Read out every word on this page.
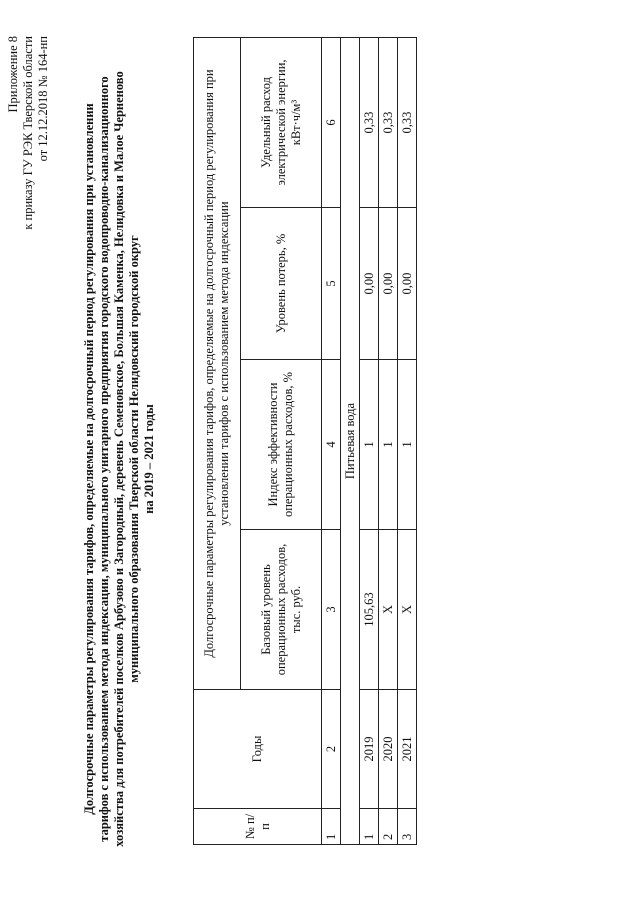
Приложение 8 к приказу ГУ РЭК Тверской области от 12.12.2018 № 164-нп
Долгосрочные параметры регулирования тарифов, определяемые на долгосрочный период регулирования при установлении тарифов с использованием метода индексации, муниципального унитарного предприятия городского водопроводно-канализационного хозяйства для потребителей поселков Арбузово и Загородный, деревень Семеновское, Большая Каменка, Нелидовка и Малое Черненово муниципального образования Тверской области Нелидовский городской округ на 2019 – 2021 годы
№ п/п	Годы	Долгосрочные параметры регулирования тарифов, определяемые на долгосрочный период регулирования при установлении тарифов с использованием метода индексации			
		Базовый уровень операционных расходов, тыс. руб.	Индекс эффективности операционных расходов, %	Уровень потерь, %	Удельный расход электрической энергии, кВт·ч/м³
1	2	3	4	5	6
Питьевая вода					
1	2019	105,63	1	0,00	0,33
2	2020	X	1	0,00	0,33
3	2021	X	1	0,00	0,33
